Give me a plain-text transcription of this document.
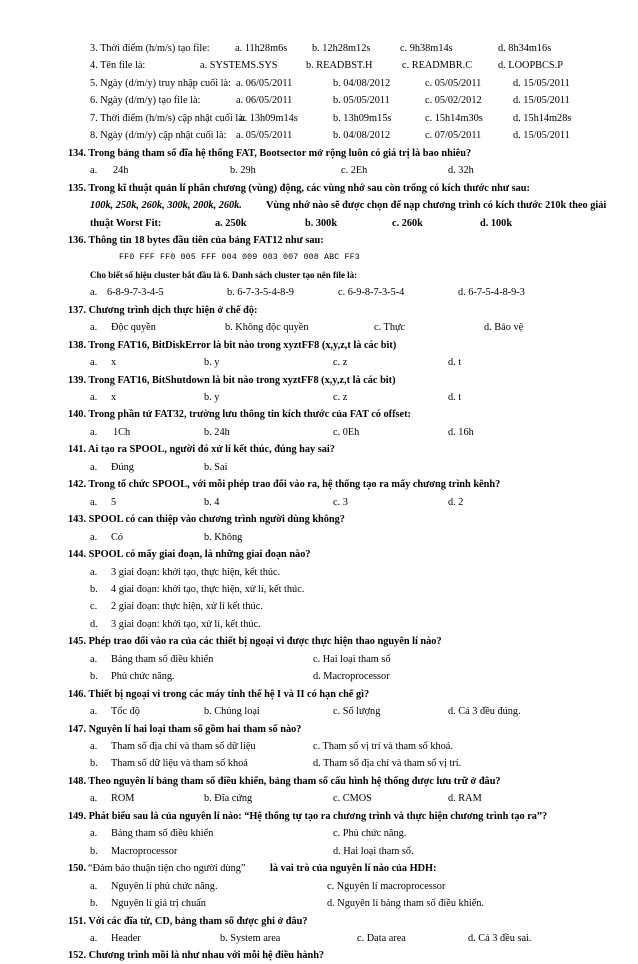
3. Thời điểm (h/m/s) tạo file: a. 11h28m6s b. 12h28m12s	c. 9h38m14s	d. 8h34m16s
4. Tên file là:	a. SYSTEMS.SYS	b. READBST.H	c. READMBR.C	d. LOOPBCS.P
5. Ngày (d/m/y) truy nhập cuối là: a. 06/05/2011	b. 04/08/2012	c. 05/05/2011	d. 15/05/2011
6. Ngày (d/m/y) tạo file là:	a. 06/05/2011	b. 05/05/2011	c. 05/02/2012	d. 15/05/2011
7. Thời điểm (h/m/s) cập nhật cuối là:
a. 13h09m14s	b. 13h09m15s	c. 15h14m30s	d. 15h14m28s
8. Ngày (d/m/y) cập nhật cuối là: a. 05/05/2011	b. 04/08/2012	c. 07/05/2011	d. 15/05/2011
134. Trong bảng tham số đĩa hệ thống FAT, Bootsector mở rộng luôn có giá trị là bao nhiêu?
a. 24h	b. 29h	c. 2Eh	d. 32h
135. Trong kĩ thuật quản lí phân chương (vùng) động, các vùng nhớ sau còn trống có kích thước như sau:
100k, 250k, 260k, 300k, 200k, 260k. Vùng nhớ nào sẽ được chọn để nạp chương trình có kích thước 210k theo giải
thuật Worst Fit:	a. 250k	b. 300k	c. 260k	d. 100k
136. Thông tin 18 bytes đầu tiên của bảng FAT12 như sau:
FF0 FFF FF0 005 FFF 004 009 003 007 008 ABC FF3
Cho biết số hiệu cluster bắt đầu là 6. Danh sách cluster tạo nên file là:
a. 6-8-9-7-3-4-5	b. 6-7-3-5-4-8-9	c. 6-9-8-7-3-5-4	d. 6-7-5-4-8-9-3
137. Chương trình dịch thực hiện ở chế độ:
a. Độc quyền	b. Không độc quyền	c. Thực	d. Bảo vệ
138. Trong FAT16, BitDiskError là bit nào trong xyztFF8 (x,y,z,t là các bit)
a. x	b. y	c. z	d. t
139. Trong FAT16, BitShutdown là bit nào trong xyztFF8 (x,y,z,t là các bit)
a. x	b. y	c. z	d. t
140. Trong phần tử FAT32, trường lưu thông tin kích thước của FAT có offset:
a. 1Ch	b. 24h	c. 0Eh	d. 16h
141. Ai tạo ra SPOOL, người đó xử lí kết thúc, đúng hay sai?
a. Đúng	b. Sai
142. Trong tổ chức SPOOL, với mỗi phép trao đổi vào ra, hệ thống tạo ra mấy chương trình kênh?
a. 5	b. 4	c. 3	d. 2
143. SPOOL có can thiệp vào chương trình người dùng không?
a. Có	b. Không
144. SPOOL có mấy giai đoạn, là những giai đoạn nào?
a. 3 giai đoạn: khởi tạo, thực hiện, kết thúc.
b. 4 giai đoạn: khởi tạo, thực hiện, xử lí, kết thúc.
c. 2 giai đoạn: thực hiện, xử lí kết thúc.
d. 3 giai đoạn: khởi tạo, xử lí, kết thúc.
145. Phép trao đổi vào ra của các thiết bị ngoại vi được thực hiện thao nguyên lí nào?
a. Bảng tham số điều khiển	c. Hai loại tham số
b. Phủ chức năng.	d. Macroprocessor
146. Thiết bị ngoại vi trong các máy tính thế hệ I và II có hạn chế gì?
a. Tốc độ	b. Chủng loại	c. Số lượng	d. Cả 3 đều đúng.
147. Nguyên lí hai loại tham số gồm hai tham số nào?
a. Tham số địa chỉ và tham số dữ liệu	c. Tham số vị trí và tham số khoá.
b. Tham số dữ liệu và tham số khoá	d. Tham số địa chỉ và tham số vị trí.
148. Theo nguyên lí bảng tham số điều khiển, bảng tham số cấu hình hệ thống được lưu trữ ở đâu?
a. ROM	b. Đĩa cứng	c. CMOS	d. RAM
149. Phát biểu sau là của nguyên lí nào: “Hệ thống tự tạo ra chương trình và thực hiện chương trình tạo ra”?
a. Bảng tham số điều khiển	c. Phủ chức năng.
b. Macroprocessor	d. Hai loại tham số.
150. “Đảm bảo thuận tiện cho người dùng” là vai trò của nguyên lí nào của HDH:
a. Nguyên lí phủ chức năng.	c. Nguyên lí macroprocessor
b. Nguyên lí giá trị chuẩn	d. Nguyên lí bảng tham số điều khiển.
151. Với các đĩa từ, CD, bảng tham số được ghi ở đâu?
a. Header	b. System area	c. Data area	d. Cả 3 đều sai.
152. Chương trình mồi là như nhau với mỗi hệ điều hành?
